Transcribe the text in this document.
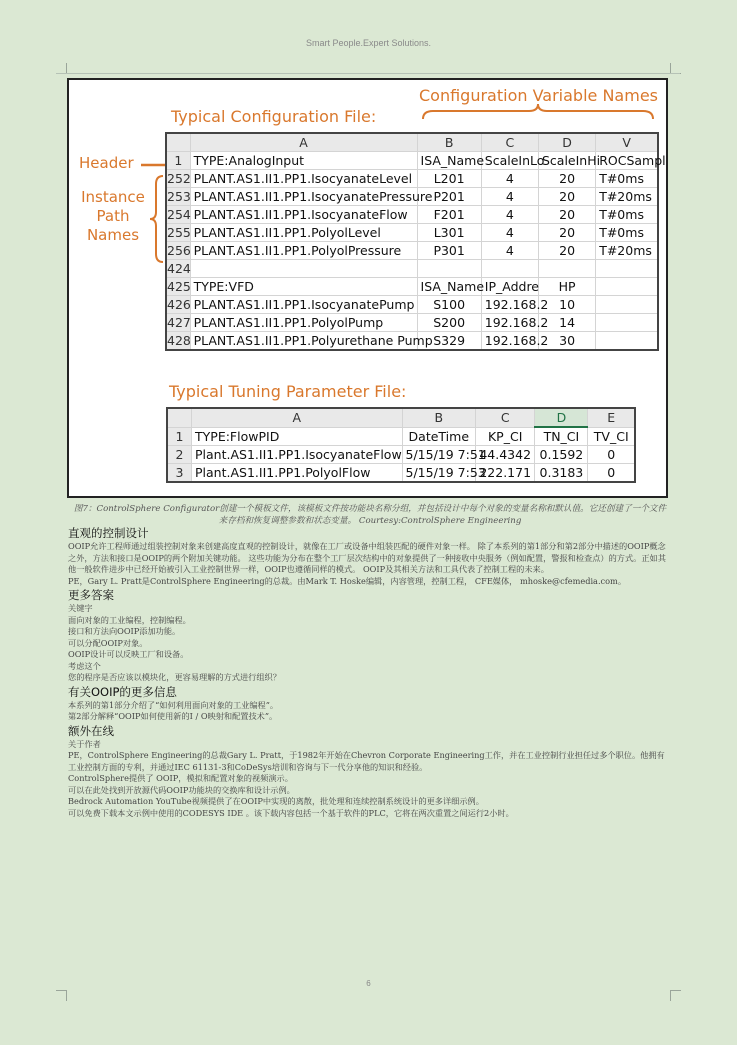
Smart People.Expert Solutions.
Typical Configuration File:
Configuration Variable Names
Header
Instance
Path
Names
	A	B	C	D	V
1	TYPE:AnalogInput	ISA_Name	ScaleInLo	ScaleInHi	ROCSampl
252	PLANT.AS1.II1.PP1.IsocyanateLevel	L201	4	20	T#0ms
253	PLANT.AS1.II1.PP1.IsocyanatePressure	P201	4	20	T#20ms
254	PLANT.AS1.II1.PP1.IsocyanateFlow	F201	4	20	T#0ms
255	PLANT.AS1.II1.PP1.PolyolLevel	L301	4	20	T#0ms
256	PLANT.AS1.II1.PP1.PolyolPressure	P301	4	20	T#20ms
424					
425	TYPE:VFD	ISA_Name	IP_Addre	HP	
426	PLANT.AS1.II1.PP1.IsocyanatePump	S100	192.168.2	10	
427	PLANT.AS1.II1.PP1.PolyolPump	S200	192.168.2	14	
428	PLANT.AS1.II1.PP1.Polyurethane Pump	S329	192.168.2	30	
Typical Tuning Parameter File:
	A	B	C	D	E
1	TYPE:FlowPID	DateTime	KP_CI	TN_CI	TV_CI
2	Plant.AS1.II1.PP1.IsocyanateFlow	5/15/19 7:51	44.4342	0.1592	0
3	Plant.AS1.II1.PP1.PolyolFlow	5/15/19 7:53	222.171	0.3183	0
图7：ControlSphere Configurator创建一个模板文件，该模板文件按功能块名称分组，并包括设计中每个对象的变量名称和默认值。它还创建了一个文件来存档和恢复调整参数和状态变量。 Courtesy:ControlSphere Engineering
直观的控制设计

OOIP允许工程师通过组装控制对象来创建高度直观的控制设计，就像在工厂或设备中组装匹配的硬件对象一样。 除了本系列的第1部分和第2部分中描述的OOIP概念之外，方法和接口是OOIP的两个附加关键功能。 这些功能为分布在整个工厂层次结构中的对象提供了一种接收中央服务（例如配置，警报和检查点）的方式。正如其他一般软件进步中已经开始被引入工业控制世界一样，OOIP也遵循同样的模式。 OOIP及其相关方法和工具代表了控制工程的未来。

PE，Gary L. Pratt是ControlSphere Engineering的总裁。由Mark T. Hoske编辑，内容管理，控制工程， CFE媒体， mhoske@cfemedia.com。

更多答案

关键字

面向对象的工业编程，控制编程。

接口和方法向OOIP添加功能。

可以分配OOIP对象。

OOIP设计可以反映工厂和设备。

考虑这个

您的程序是否应该以模块化，更容易理解的方式进行组织？

有关OOIP的更多信息

本系列的第1部分介绍了“如何利用面向对象的工业编程”。

第2部分解释“OOIP如何使用新的I / O映射和配置技术”。

额外在线

关于作者

PE，ControlSphere Engineering的总裁Gary L. Pratt，于1982年开始在Chevron Corporate Engineering工作，并在工业控制行业担任过多个职位。他拥有工业控制方面的专利，并通过IEC 61131-3和CoDeSys培训和咨询与下一代分享他的知识和经验。

ControlSphere提供了 OOIP，模拟和配置对象的视频演示。

可以在此处找到开放源代码OOIP功能块的交换库和设计示例。

Bedrock Automation YouTube视频提供了在OOIP中实现的离散，批处理和连续控制系统设计的更多详细示例。

可以免费下载本文示例中使用的CODESYS IDE 。该下载内容包括一个基于软件的PLC，它将在两次重置之间运行2小时。

6
